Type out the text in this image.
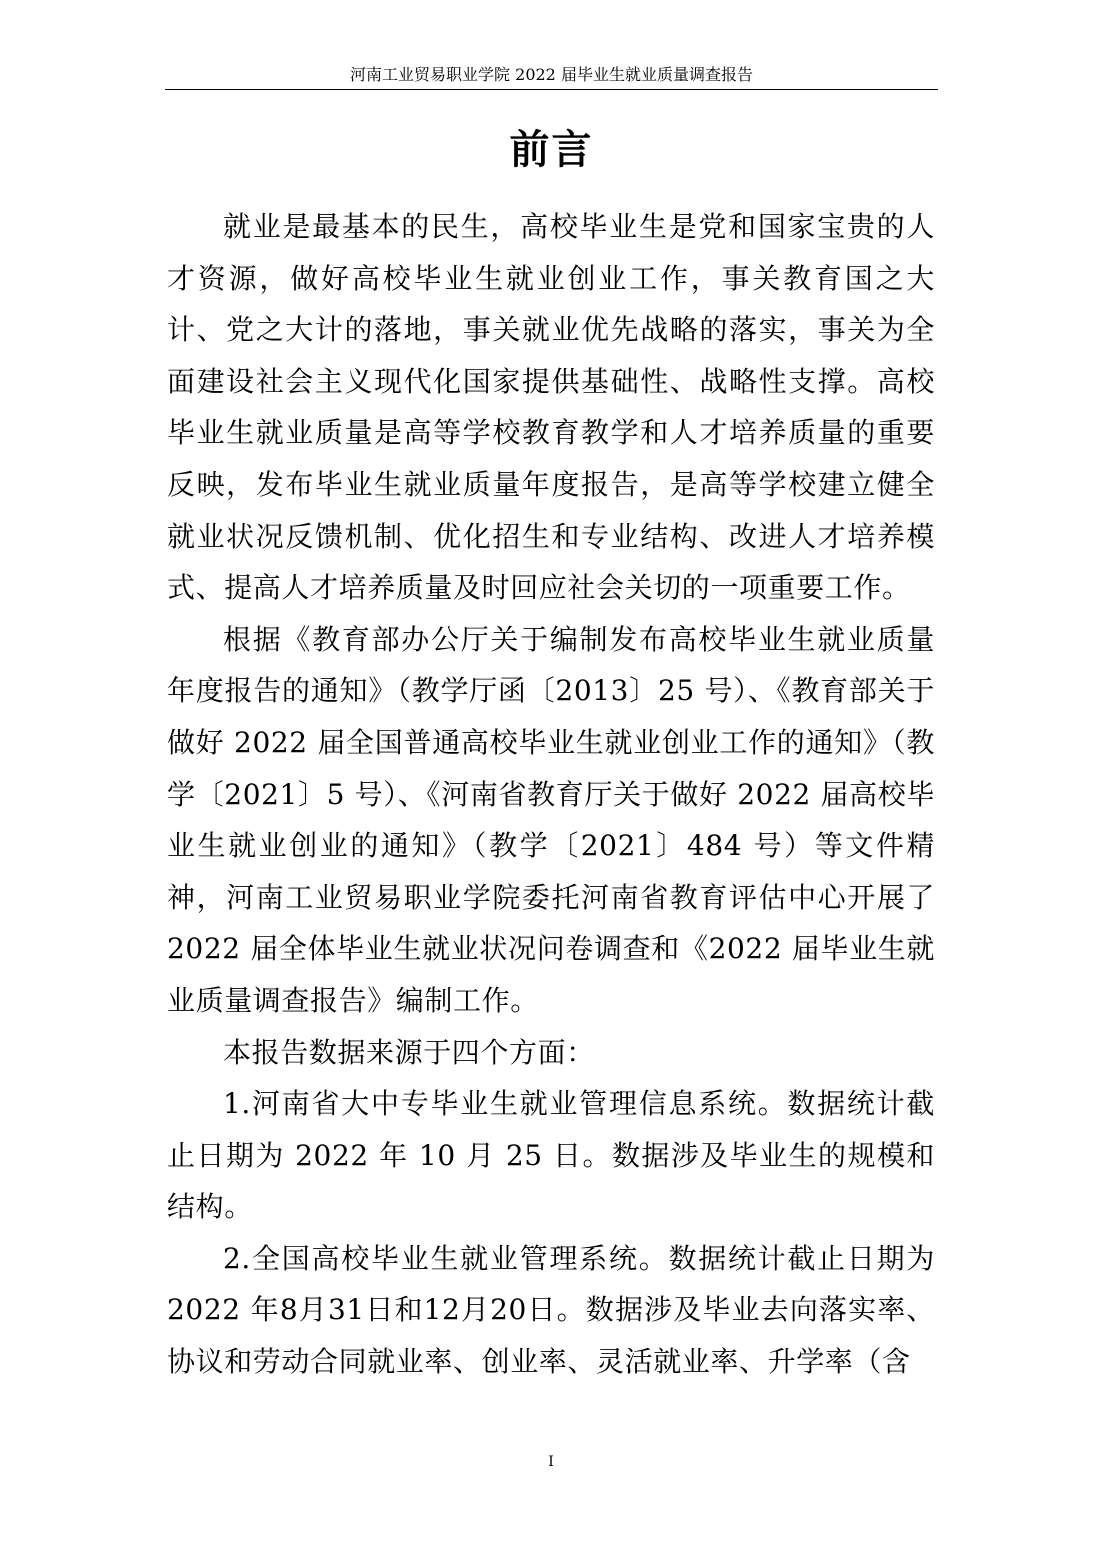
河南工业贸易职业学院 2022 届毕业生就业质量调查报告
前言

就业是最基本的民生，高校毕业生是党和国家宝贵的人才资源，做好高校毕业生就业创业工作，事关教育国之大计、党之大计的落地，事关就业优先战略的落实，事关为全面建设社会主义现代化国家提供基础性、战略性支撑。高校毕业生就业质量是高等学校教育教学和人才培养质量的重要反映，发布毕业生就业质量年度报告，是高等学校建立健全就业状况反馈机制、优化招生和专业结构、改进人才培养模式、提高人才培养质量及时回应社会关切的一项重要工作。

根据《教育部办公厅关于编制发布高校毕业生就业质量年度报告的通知》（教学厅函〔2013〕25 号）、《教育部关于做好 2022 届全国普通高校毕业生就业创业工作的通知》（教学〔2021〕5 号）、《河南省教育厅关于做好 2022 届高校毕业生就业创业的通知》（教学〔2021〕484 号）等文件精神，河南工业贸易职业学院委托河南省教育评估中心开展了 2022 届全体毕业生就业状况问卷调查和《2022 届毕业生就业质量调查报告》编制工作。

本报告数据来源于四个方面：

1.河南省大中专毕业生就业管理信息系统。数据统计截止日期为 2022 年 10 月 25 日。数据涉及毕业生的规模和结构。

2.全国高校毕业生就业管理系统。数据统计截止日期为 2022 年8月31日和12月20日。数据涉及毕业去向落实率、协议和劳动合同就业率、创业率、灵活就业率、升学率（含

I
